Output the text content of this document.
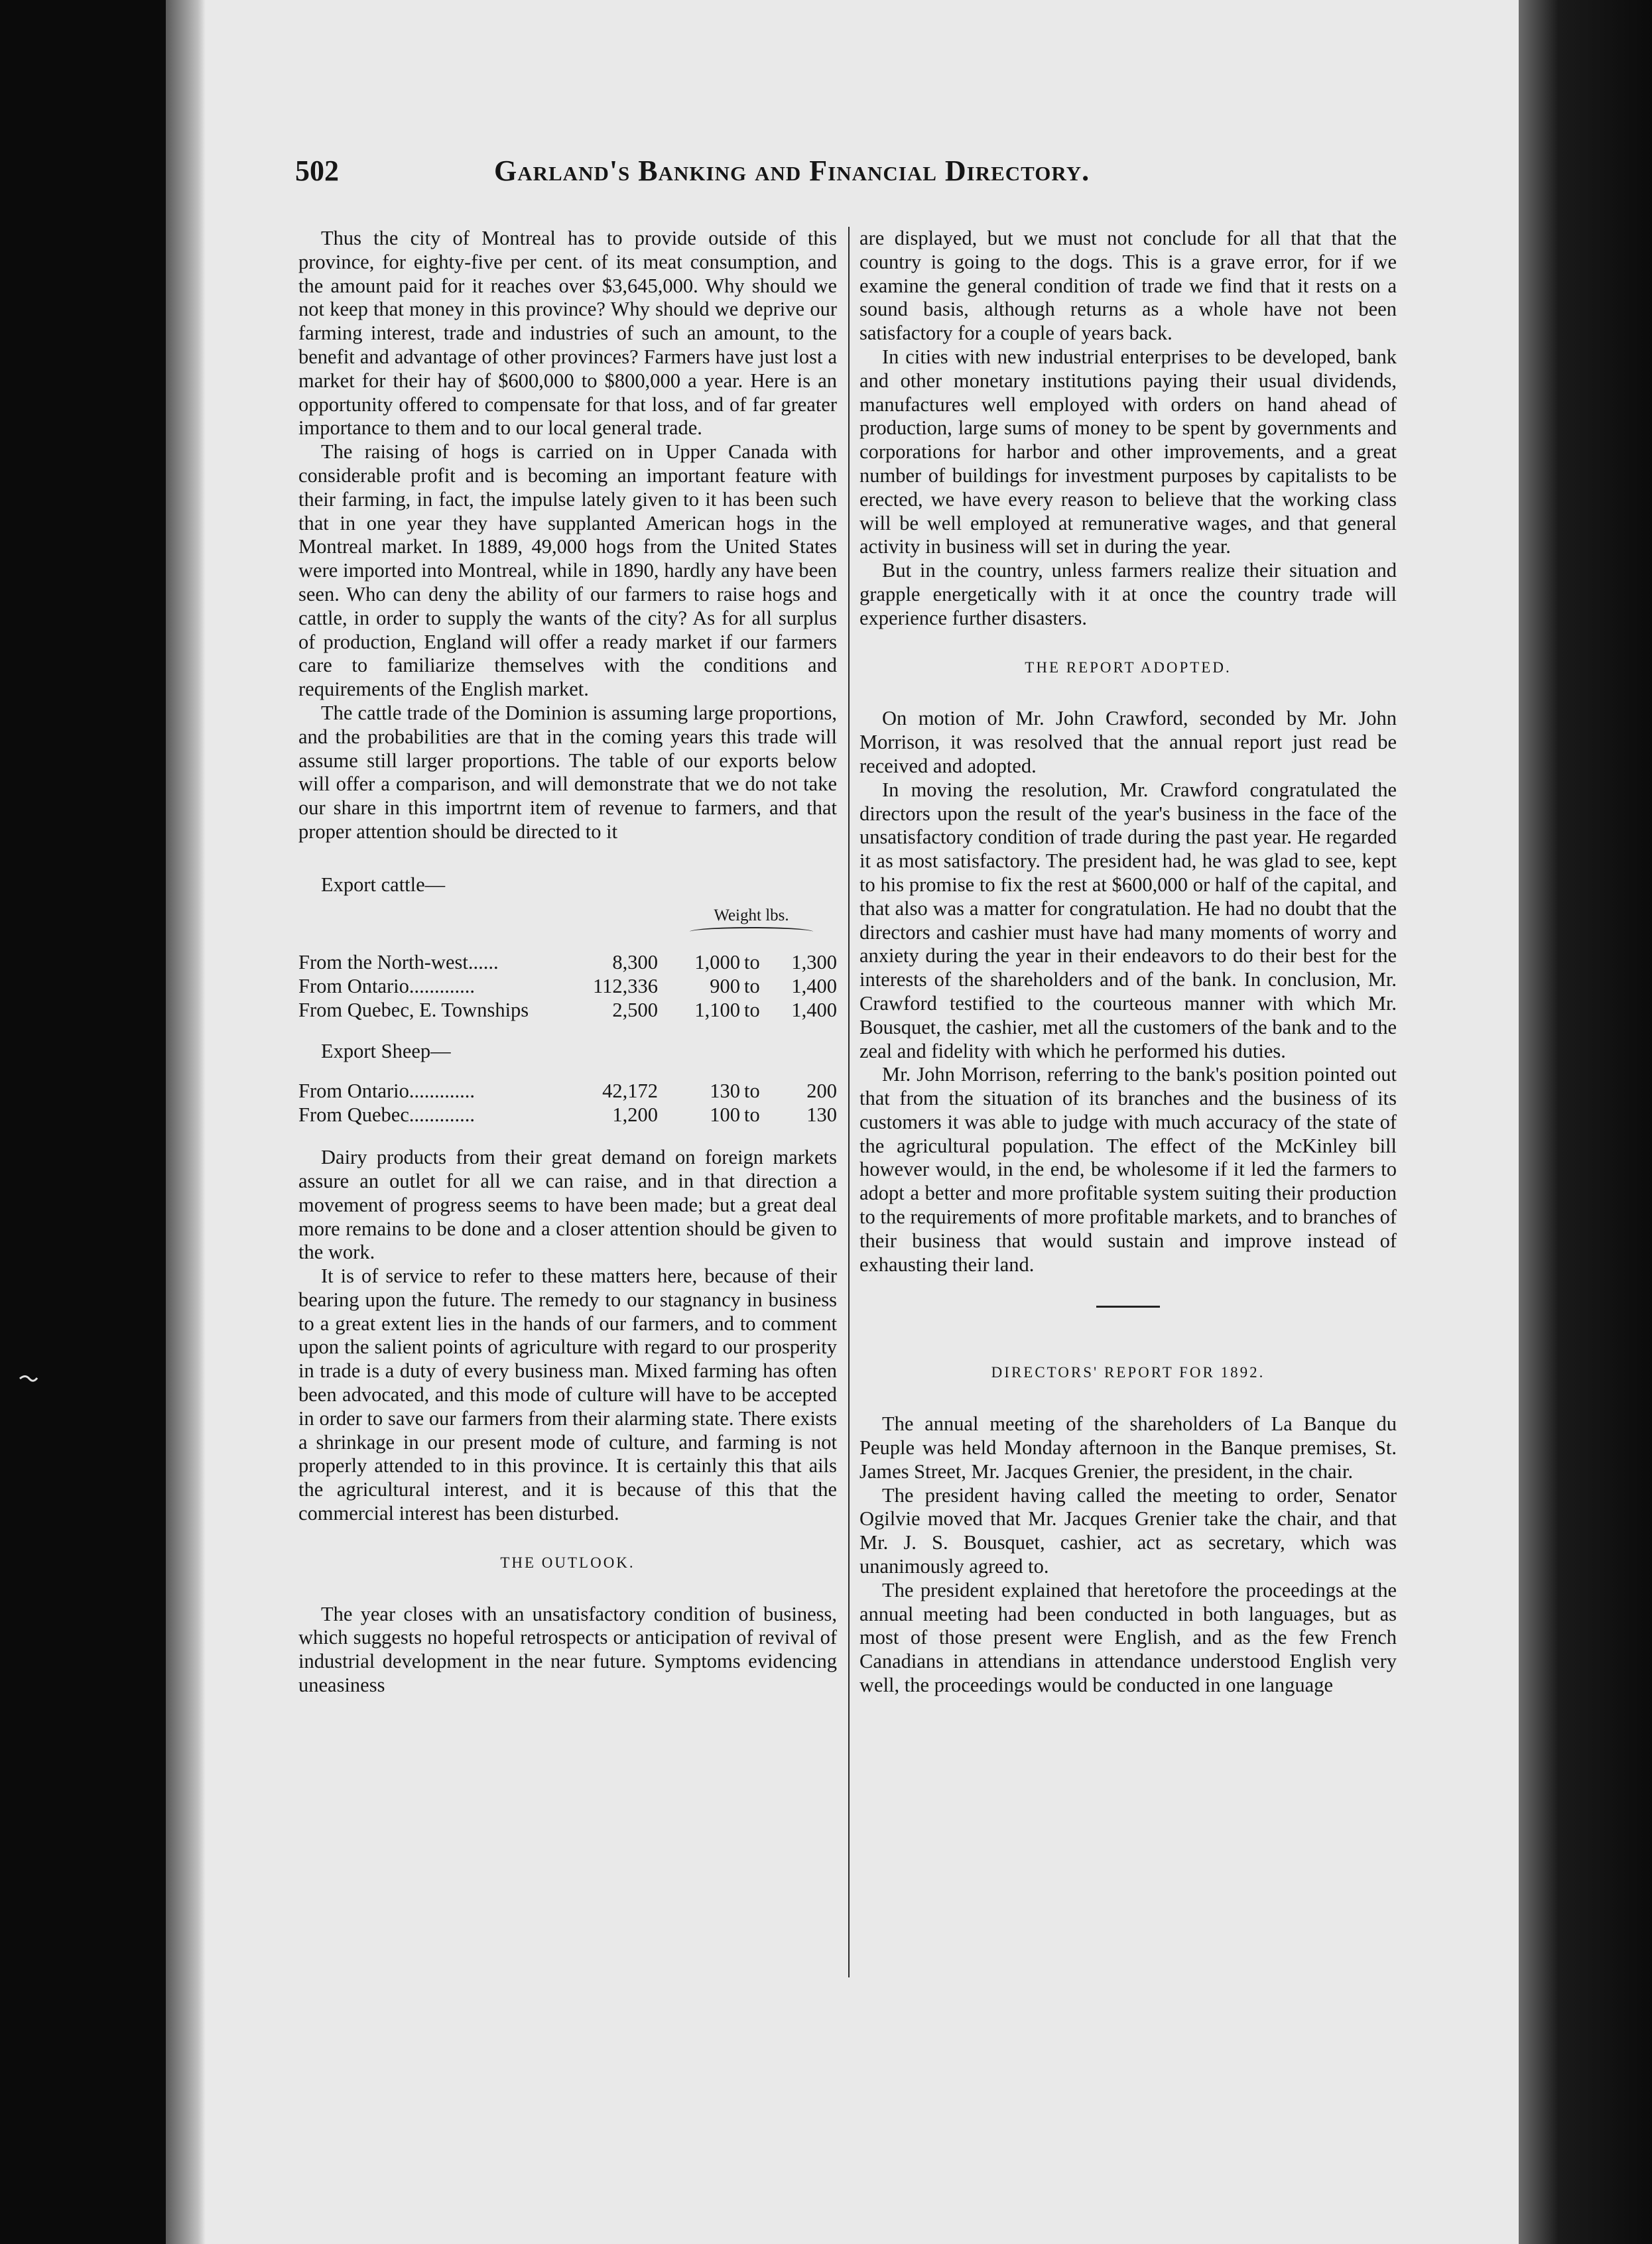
502	Garland's Banking and Financial Directory.

Thus the city of Montreal has to provide outside of this province, for eighty-five per cent. of its meat consumption, and the amount paid for it reaches over $3,645,000. Why should we not keep that money in this province? Why should we deprive our farming interest, trade and industries of such an amount, to the benefit and advantage of other provinces? Farmers have just lost a market for their hay of $600,000 to $800,000 a year. Here is an opportunity offered to compensate for that loss, and of far greater importance to them and to our local general trade.

The raising of hogs is carried on in Upper Canada with considerable profit and is becoming an important feature with their farming, in fact, the impulse lately given to it has been such that in one year they have supplanted American hogs in the Montreal market. In 1889, 49,000 hogs from the United States were imported into Montreal, while in 1890, hardly any have been seen. Who can deny the ability of our farmers to raise hogs and cattle, in order to supply the wants of the city? As for all surplus of production, England will offer a ready market if our farmers care to familiarize themselves with the conditions and requirements of the English market.

The cattle trade of the Dominion is assuming large proportions, and the probabilities are that in the coming years this trade will assume still larger proportions. The table of our exports below will offer a comparison, and will demonstrate that we do not take our share in this importrnt item of revenue to farmers, and that proper attention should be directed to it

Export cattle—
Weight lbs.
From the North-west......	8,300 1,000 to 1,300
From Ontario.............	112,336	900 to 1,400
From Quebec, E. Townships	2,500 1,100 to 1,400
Export Sheep—
From Ontario.............	42,172	130 to 200
From Quebec.............	1,200	100 to 130

Dairy products from their great demand on foreign markets assure an outlet for all we can raise, and in that direction a movement of progress seems to have been made; but a great deal more remains to be done and a closer attention should be given to the work.

It is of service to refer to these matters here, because of their bearing upon the future. The remedy to our stagnancy in business to a great extent lies in the hands of our farmers, and to comment upon the salient points of agriculture with regard to our prosperity in trade is a duty of every business man. Mixed farming has often been advocated, and this mode of culture will have to be accepted in order to save our farmers from their alarming state. There exists a shrinkage in our present mode of culture, and farming is not properly attended to in this province. It is certainly this that ails the agricultural interest, and it is because of this that the commercial interest has been disturbed.

THE OUTLOOK.

The year closes with an unsatisfactory condition of business, which suggests no hopeful retrospects or anticipation of revival of industrial development in the near future. Symptoms evidencing uneasiness

are displayed, but we must not conclude for all that that the country is going to the dogs. This is a grave error, for if we examine the general condition of trade we find that it rests on a sound basis, although returns as a whole have not been satisfactory for a couple of years back.

In cities with new industrial enterprises to be developed, bank and other monetary institutions paying their usual dividends, manufactures well employed with orders on hand ahead of production, large sums of money to be spent by governments and corporations for harbor and other improvements, and a great number of buildings for investment purposes by capitalists to be erected, we have every reason to believe that the working class will be well employed at remunerative wages, and that general activity in business will set in during the year.

But in the country, unless farmers realize their situation and grapple energetically with it at once the country trade will experience further disasters.

THE REPORT ADOPTED.

On motion of Mr. John Crawford, seconded by Mr. John Morrison, it was resolved that the annual report just read be received and adopted.

In moving the resolution, Mr. Crawford congratulated the directors upon the result of the year's business in the face of the unsatisfactory condition of trade during the past year. He regarded it as most satisfactory. The president had, he was glad to see, kept to his promise to fix the rest at $600,000 or half of the capital, and that also was a matter for congratulation. He had no doubt that the directors and cashier must have had many moments of worry and anxiety during the year in their endeavors to do their best for the interests of the shareholders and of the bank. In conclusion, Mr. Crawford testified to the courteous manner with which Mr. Bousquet, the cashier, met all the customers of the bank and to the zeal and fidelity with which he performed his duties.

Mr. John Morrison, referring to the bank's position pointed out that from the situation of its branches and the business of its customers it was able to judge with much accuracy of the state of the agricultural population. The effect of the McKinley bill however would, in the end, be wholesome if it led the farmers to adopt a better and more profitable system suiting their production to the requirements of more profitable markets, and to branches of their business that would sustain and improve instead of exhausting their land.

DIRECTORS' REPORT FOR 1892.

The annual meeting of the shareholders of La Banque du Peuple was held Monday afternoon in the Banque premises, St. James Street, Mr. Jacques Grenier, the president, in the chair.

The president having called the meeting to order, Senator Ogilvie moved that Mr. Jacques Grenier take the chair, and that Mr. J. S. Bousquet, cashier, act as secretary, which was unanimously agreed to.

The president explained that heretofore the proceedings at the annual meeting had been conducted in both languages, but as most of those present were English, and as the few French Canadians in attendians in attendance understood English very well, the proceedings would be conducted in one language
